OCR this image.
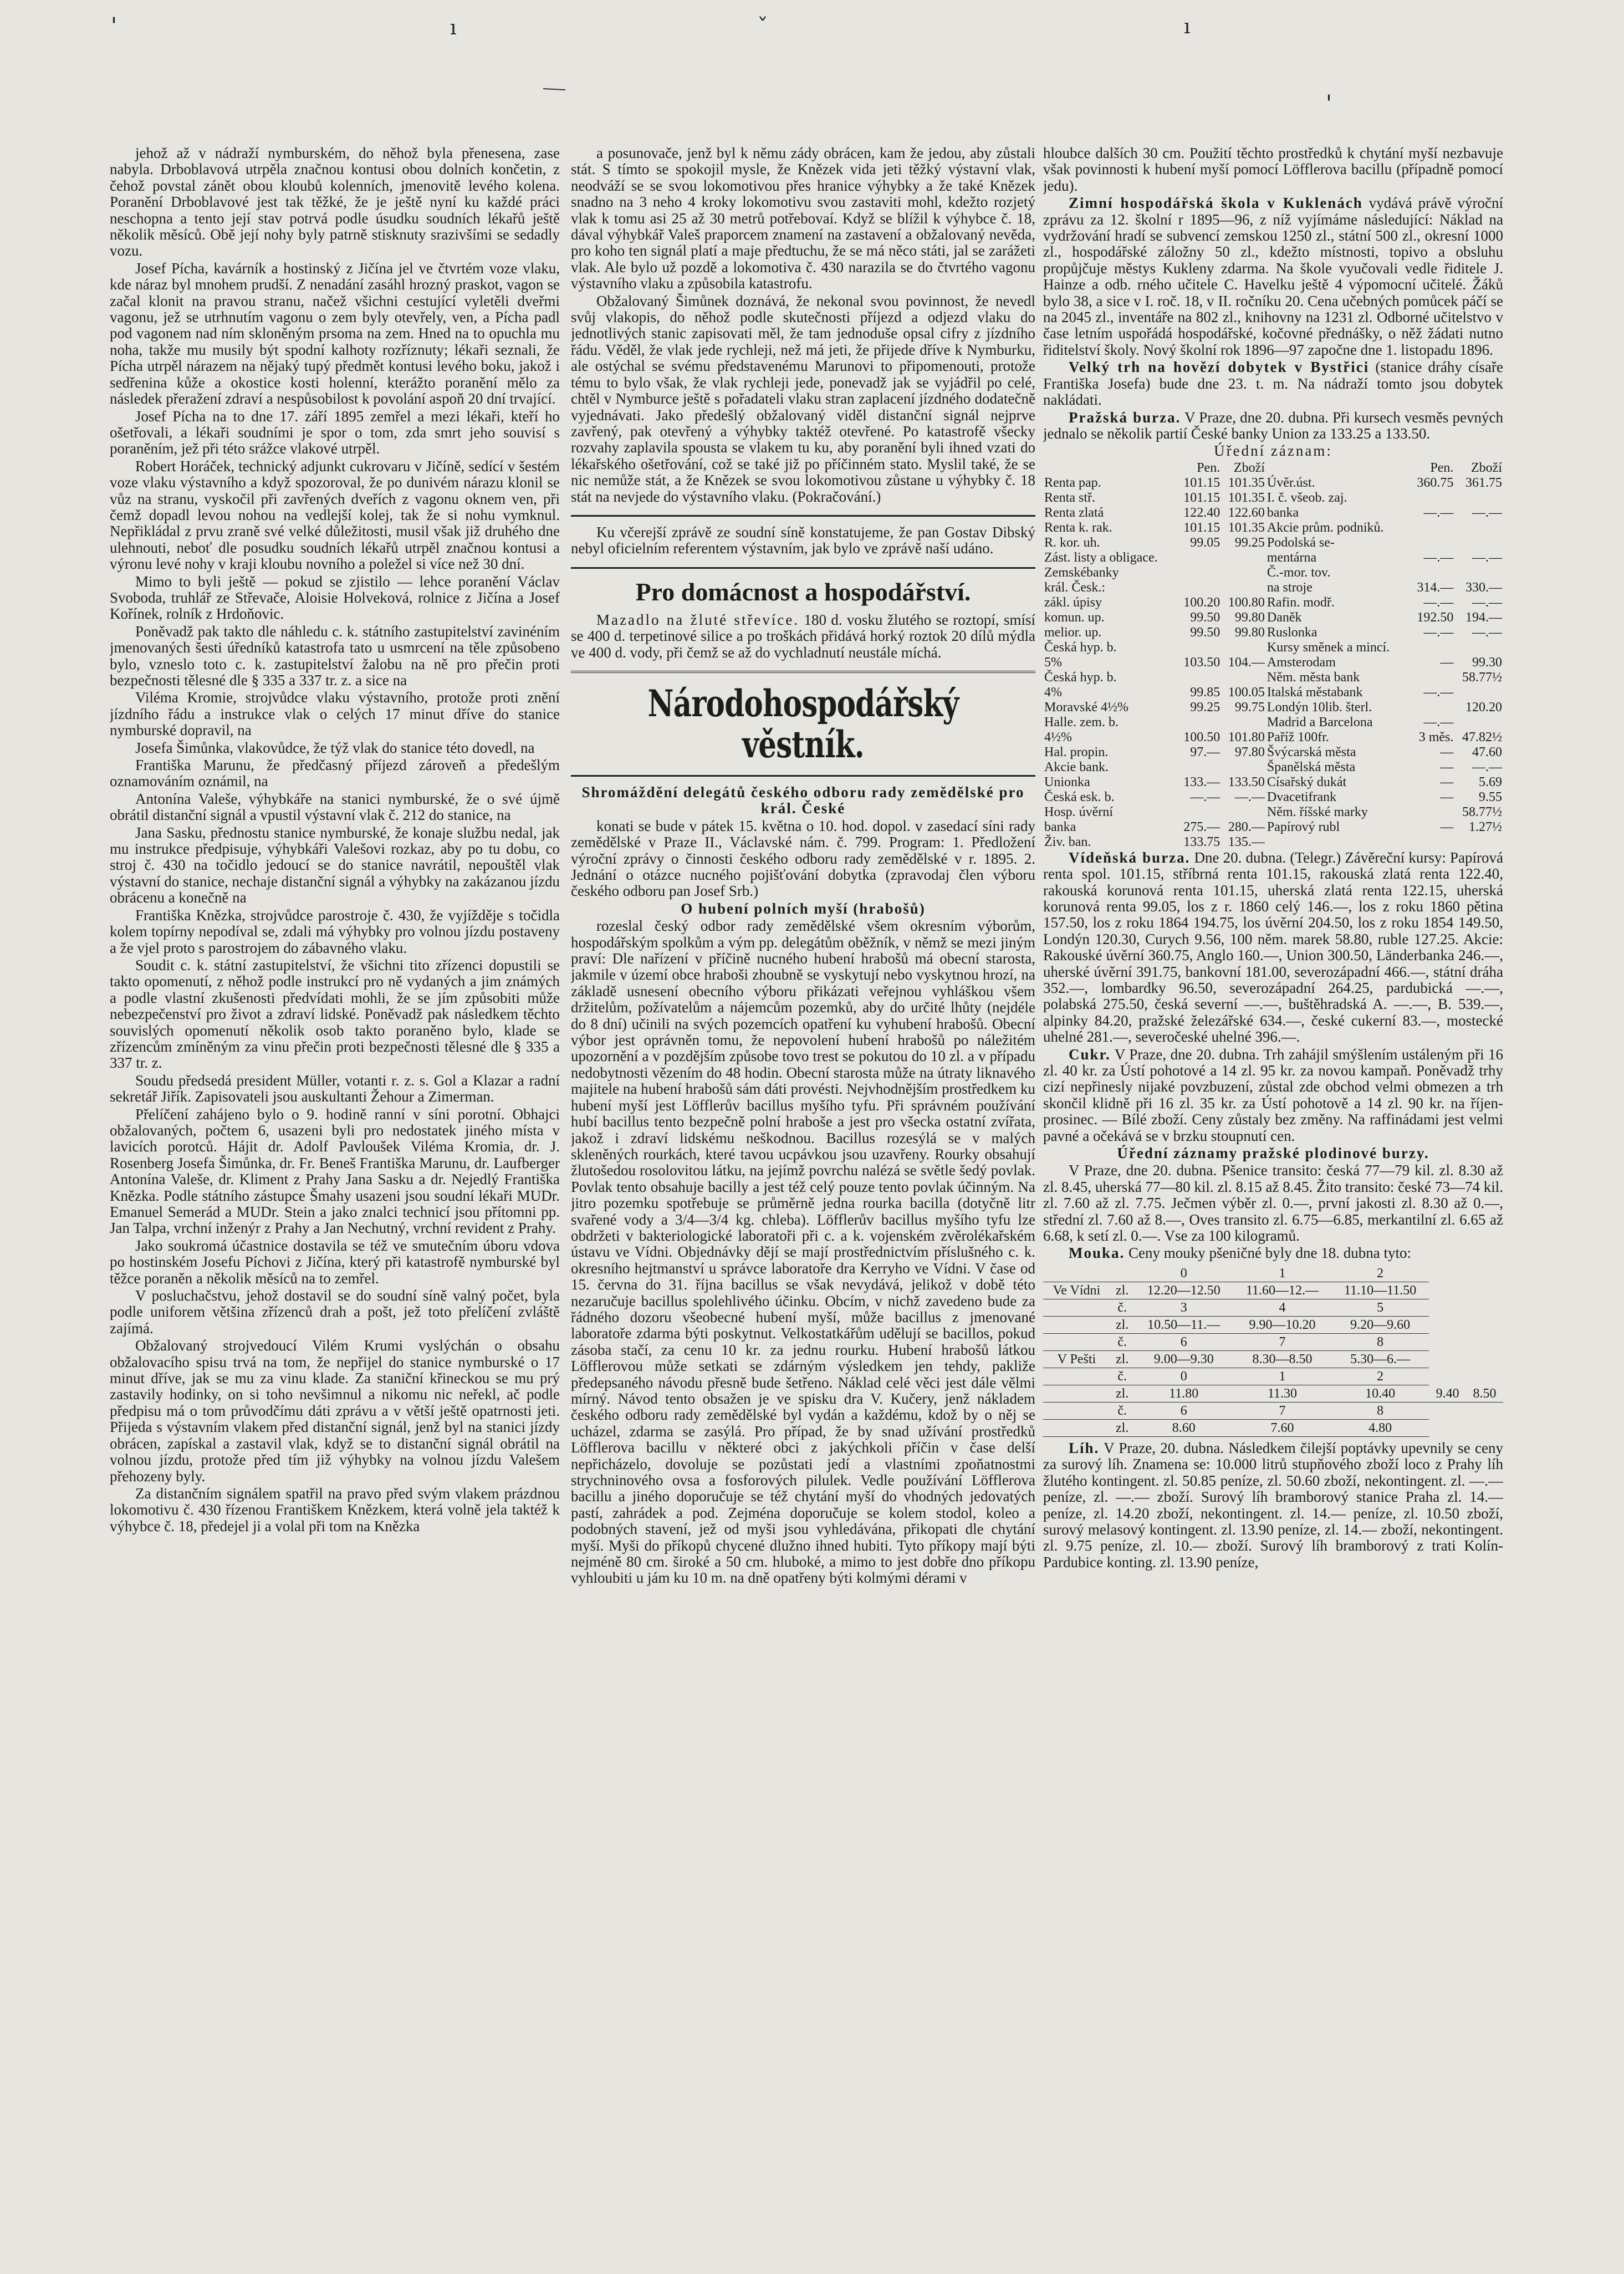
'	ı	ˇ	ı
'

jehož až v nádraží nymburském, do něhož byla přenesena, zase nabyla. Drboblavová utrpěla značnou kontusi obou dolních končetin, z čehož povstal zánět obou kloubů kolenních, jmenovitě levého kolena. Poranění Drboblavové jest tak těžké, že je ještě nyní ku každé práci neschopna a tento její stav potrvá podle úsudku soudních lékařů ještě několik měsíců. Obě její nohy byly patrně stisknuty srazivšími se sedadly vozu.

Josef Pícha, kavárník a hostinský z Jičína jel ve čtvrtém voze vlaku, kde náraz byl mnohem prudší. Z nenadání zasáhl hrozný praskot, vagon se začal klonit na pravou stranu, načež všichni cestující vyletěli dveřmi vagonu, jež se utrhnutím vagonu o zem byly otevřely, ven, a Pícha padl pod vagonem nad ním skloněným prsoma na zem. Hned na to opuchla mu noha, takže mu musily být spodní kalhoty rozříznuty; lékaři seznali, že Pícha utrpěl nárazem na nějaký tupý předmět kontusi levého boku, jakož i sedřenina kůže a okostice kosti holenní, kterážto poranění mělo za následek přeražení zdraví a nespůsobilost k povolání aspoň 20 dní trvající.

Josef Pícha na to dne 17. září 1895 zemřel a mezi lékaři, kteří ho ošetřovali, a lékaři soudními je spor o tom, zda smrt jeho souvisí s poraněním, jež při této srážce vlakové utrpěl.

Robert Horáček, technický adjunkt cukrovaru v Jičíně, sedící v šestém voze vlaku výstavního a když spozoroval, že po dunivém nárazu klonil se vůz na stranu, vyskočil při zavřených dveřích z vagonu oknem ven, při čemž dopadl levou nohou na vedlejší kolej, tak že si nohu vymknul. Nepřikládal z prvu zraně své velké důležitosti, musil však již druhého dne ulehnouti, neboť dle posudku soudních lékařů utrpěl značnou kontusi a výronu levé nohy v kraji kloubu novního a poležel si více než 30 dní.

Mimo to byli ještě — pokud se zjistilo — lehce poranění Václav Svoboda, truhlář ze Střevače, Aloisie Holveková, rolnice z Jičína a Josef Kořínek, rolník z Hrdoňovic.

Poněvadž pak takto dle náhledu c. k. státního zastupitelství zavinéním jmenovaných šesti úředníků katastrofa tato u usmrcení na těle způsobeno bylo, vzneslo toto c. k. zastupitelství žalobu na ně pro přečin proti bezpečnosti tělesné dle § 335 a 337 tr. z. a sice na

Viléma Kromie, strojvůdce vlaku výstavního, protože proti znění jízdního řádu a instrukce vlak o celých 17 minut dříve do stanice nymburské dopravil, na

Josefa Šimůnka, vlakovůdce, že týž vlak do stanice této dovedl, na

Františka Marunu, že předčasný příjezd zároveň a předešlým oznamováním oznámil, na

Antonína Valeše, výhybkáře na stanici nymburské, že o své újmě obrátil distanční signál a vpustil výstavní vlak č. 212 do stanice, na

Jana Sasku, přednostu stanice nymburské, že konaje službu nedal, jak mu instrukce předpisuje, výhybkáři Valešovi rozkaz, aby po tu dobu, co stroj č. 430 na točidlo jedoucí se do stanice navrátil, nepouštěl vlak výstavní do stanice, nechaje distanční signál a výhybky na zakázanou jízdu obrácenu a konečně na

Františka Knězka, strojvůdce parostroje č. 430, že vyjížděje s točidla kolem topírny nepodíval se, zdali má výhybky pro volnou jízdu postaveny a že vjel proto s parostrojem do zábavného vlaku.

Soudit c. k. státní zastupitelství, že všichni tito zřízenci dopustili se takto opomenutí, z něhož podle instrukcí pro ně vydaných a jim známých a podle vlastní zkušenosti předvídati mohli, že se jím způsobiti může nebezpečenství pro život a zdraví lidské. Poněvadž pak následkem těchto souvislých opomenutí několik osob takto poraněno bylo, klade se zřízencům zmíněným za vinu přečin proti bezpečnosti tělesné dle § 335 a 337 tr. z.

Soudu předsedá president Müller, votanti r. z. s. Gol a Klazar a radní sekretář Jiřík. Zapisovateli jsou auskultanti Žehour a Zimerman.

Přelíčení zahájeno bylo o 9. hodině ranní v síni porotní. Obhajci obžalovaných, počtem 6, usazeni byli pro nedostatek jiného místa v lavicích porotců. Hájit dr. Adolf Pavloušek Viléma Kromia, dr. J. Rosenberg Josefa Šimůnka, dr. Fr. Beneš Františka Marunu, dr. Laufberger Antonína Valeše, dr. Kliment z Prahy Jana Sasku a dr. Nejedlý Františka Knězka. Podle státního zástupce Šmahy usazeni jsou soudní lékaři MUDr. Emanuel Semerád a MUDr. Stein a jako znalci technicí jsou přítomni pp. Jan Talpa, vrchní inženýr z Prahy a Jan Nechutný, vrchní revident z Prahy.

Jako soukromá účastnice dostavila se též ve smutečním úboru vdova po hostinském Josefu Píchovi z Jičína, který při katastrofě nymburské byl těžce poraněn a několik měsíců na to zemřel.

V posluchačstvu, jehož dostavil se do soudní síně valný počet, byla podle uniforem většina zřízenců drah a pošt, jež toto přelíčení zvláště zajímá.

Obžalovaný strojvedoucí Vilém Krumi vyslýchán o obsahu obžalovacího spisu trvá na tom, že nepřijel do stanice nymburské o 17 minut dříve, jak se mu za vinu klade. Za staniční křineckou se mu prý zastavily hodinky, on si toho nevšimnul a nikomu nic neřekl, ač podle předpisu má o tom průvodčímu dáti zprávu a v větší ještě opatrnosti jeti. Přijeda s výstavním vlakem před distanční signál, jenž byl na stanici jízdy obrácen, zapískal a zastavil vlak, když se to distanční signál obrátil na volnou jízdu, protože před tím již výhybky na volnou jízdu Valešem přehozeny byly.

Za distančním signálem spatřil na pravo před svým vlakem prázdnou lokomotivu č. 430 řízenou Františkem Knězkem, která volně jela taktéž k výhybce č. 18, předejel ji a volal při tom na Knězka

a posunovače, jenž byl k němu zády obrácen, kam že jedou, aby zůstali stát. S tímto se spokojil mysle, že Knězek vida jeti těžký výstavní vlak, neodváží se se svou lokomotivou přes hranice výhybky a že také Knězek snadno na 3 neho 4 kroky lokomotivu svou zastaviti mohl, kdežto rozjetý vlak k tomu asi 25 až 30 metrů potřebovaí. Když se blížil k výhybce č. 18, dával výhybkář Valeš praporcem znamení na zastavení a obžalovaný nevěda, pro koho ten signál platí a maje předtuchu, že se má něco státi, jal se zarážeti vlak. Ale bylo už pozdě a lokomotiva č. 430 narazila se do čtvrtého vagonu výstavního vlaku a způsobila katastrofu.

Obžalovaný Šimůnek doznává, že nekonal svou povinnost, že nevedl svůj vlakopis, do něhož podle skutečnosti příjezd a odjezd vlaku do jednotlivých stanic zapisovati měl, že tam jednoduše opsal cifry z jízdního řádu. Věděl, že vlak jede rychleji, než má jeti, že přijede dříve k Nymburku, ale ostýchal se svému představenému Marunovi to připomenouti, protože tému to bylo však, že vlak rychleji jede, ponevadž jak se vyjádřil po celé, chtěl v Nymburce ještě s pořadateli vlaku stran zaplacení jízdného dodatečně vyjednávati. Jako předešlý obžalovaný viděl distanční signál nejprve zavřený, pak otevřený a výhybky taktéž otevřené. Po katastrofě všecky rozvahy zaplavila spousta se vlakem tu ku, aby poranění byli ihned vzati do lékařského ošetřování, což se také již po příčinném stato. Myslil také, že se nic nemůže stát, a že Knězek se svou lokomotivou zůstane u výhybky č. 18 stát na nevjede do výstavního vlaku. (Pokračování.)

Ku včerejší zprávě ze soudní síně konstatujeme, že pan Gostav Dibský nebyl oficielním referentem výstavním, jak bylo ve zprávě naší udáno.

Pro domácnost a hospodářství.

Mazadlo na žluté střevíce. 180 d. vosku žlutého se roztopí, smísí se 400 d. terpetinové silice a po troškách přidává horký roztok 20 dílů mýdla ve 400 d. vody, při čemž se až do vychladnutí neustále míchá.

Národohospodářský věstník.

Shromáždění delegátů českého odboru rady zemědělské pro král. České

konati se bude v pátek 15. května o 10. hod. dopol. v zasedací síni rady zemědělské v Praze II., Václavské nám. č. 799. Program: 1. Předložení výroční zprávy o činnosti českého odboru rady zemědělské v r. 1895. 2. Jednání o otázce nucného pojišťování dobytka (zpravodaj člen výboru českého odboru pan Josef Srb.)

O hubení polních myší (hrabošů)

rozeslal český odbor rady zemědělské všem okresním výborům, hospodářským spolkům a vým pp. delegátům oběžník, v němž se mezi jiným praví: Dle nařízení v příčině nucného hubení hrabošů má obecní starosta, jakmile v území obce hraboši zhoubně se vyskytují nebo vyskytnou hrozí, na základě usnesení obecního výboru přikázati veřejnou vyhláškou všem držitelům, požívatelům a nájemcům pozemků, aby do určité lhůty (nejdéle do 8 dní) učinili na svých pozemcích opatření ku vyhubení hrabošů. Obecní výbor jest oprávněn tomu, že nepovolení hubení hrabošů po náležitém upozornění a v pozdějším způsobe tovo trest se pokutou do 10 zl. a v případu nedobytnosti vězením do 48 hodin. Obecní starosta může na útraty liknavého majitele na hubení hrabošů sám dáti provésti. Nejvhodnějším prostředkem ku hubení myší jest Löfflerův bacillus myšího tyfu. Při správném používání hubí bacillus tento bezpečně polní hraboše a jest pro všecka ostatní zvířata, jakož i zdraví lidskému neškodnou. Bacillus rozesýlá se v malých skleněných rourkách, které tavou ucpávkou jsou uzavřeny. Rourky obsahují žlutošedou rosolovitou látku, na jejímž povrchu nalézá se světle šedý povlak. Povlak tento obsahuje bacilly a jest též celý pouze tento povlak účinným. Na jitro pozemku spotřebuje se průměrně jedna rourka bacilla (dotyčně litr svařené vody a 3/4—3/4 kg. chleba). Löfflerův bacillus myšího tyfu lze obdržeti v bakteriologické laboratoři při c. a k. vojenském zvěrolékařském ústavu ve Vídni. Objednávky dějí se mají prostřednictvím příslušného c. k. okresního hejtmanství u správce laboratoře dra Kerryho ve Vídni. V čase od 15. června do 31. října bacillus se však nevydává, jelikož v době této nezaručuje bacillus spolehlivého účinku. Obcím, v nichž zavedeno bude za řádného dozoru všeobecné hubení myší, může bacillus z jmenované laboratoře zdarma býti poskytnut. Velkostatkářům udělují se bacillos, pokud zásoba stačí, za cenu 10 kr. za jednu rourku. Hubení hrabošů látkou Löfflerovou může setkati se zdárným výsledkem jen tehdy, pakliže předepsaného návodu přesně bude šetřeno. Náklad celé věci jest dále vělmi mírný. Návod tento obsažen je ve spisku dra V. Kučery, jenž nákladem českého odboru rady zemědělské byl vydán a každému, kdož by o něj se ucházel, zdarma se zasýlá. Pro případ, že by snad užívání prostředků Löfflerova bacillu v některé obci z jakýchkoli příčin v čase delší nepřicházelo, dovoluje se pozůstati jedí a vlastními zpoňatnostmi strychninového ovsa a fosforových pilulek. Vedle používání Löfflerova bacillu a jiného doporučuje se též chytání myší do vhodných jedovatých pastí, zahrádek a pod. Zejména doporučuje se kolem stodol, koleo a podobných stavení, jež od myši jsou vyhledávána, přikopati dle chytání myší. Myši do příkopů chycené dlužno ihned hubiti. Tyto příkopy mají býti nejméně 80 cm. široké a 50 cm. hluboké, a mimo to jest dobře dno příkopu vyhloubiti u jám ku 10 m. na dně opatřeny býti kolmými dérami v

hloubce dalších 30 cm. Použití těchto prostředků k chytání myší nezbavuje však povinnosti k hubení myší pomocí Löfflerova bacillu (případně pomocí jedu).

Zimní hospodářská škola v Kuklenách vydává právě výroční zprávu za 12. školní r 1895—96, z níž vyjímáme následující: Náklad na vydržování hradí se subvencí zemskou 1250 zl., státní 500 zl., okresní 1000 zl., hospodářské záložny 50 zl., kdežto místnosti, topivo a obsluhu propůjčuje městys Kukleny zdarma. Na škole vyučovali vedle řiditele J. Hainze a odb. rného učitele C. Havelku ještě 4 výpomocní učitelé. Žáků bylo 38, a sice v I. roč. 18, v II. ročníku 20. Cena učebných pomůcek páčí se na 2045 zl., inventáře na 802 zl., knihovny na 1231 zl. Odborné učitelstvo v čase letním uspořádá hospodářské, kočovné přednášky, o něž žádati nutno řiditelství školy. Nový školní rok 1896—97 započne dne 1. listopadu 1896.

Velký trh na hovězí dobytek v Bystřici (stanice dráhy císaře Františka Josefa) bude dne 23. t. m. Na nádraží tomto jsou dobytek nakládati.

Pražská burza. V Praze, dne 20. dubna. Při kursech vesměs pevných jednalo se několik partií České banky Union za 133.25 a 133.50.

Úřední záznam:

	Pen.	Zboží		Pen.	Zboží
Renta pap.	101.15	101.35	Úvěr.úst.	360.75	361.75
Renta stř.	101.15	101.35	I. č. všeob. zaj.		
Renta zlatá	122.40	122.60	banka	—.—	—.—
Renta k. rak.	101.15	101.35	Akcie prům. podniků.		
R. kor. uh.	99.05	99.25	Podolská se-		
Zást. listy a obligace.			mentárna	—.—	—.—
Zemskébanky			Č.-mor. tov.		
král. Česk.:			na stroje	314.—	330.—
zákl. úpisy	100.20	100.80	Rafin. modř.	—.—	—.—
komun. up.	99.50	99.80	Daněk	192.50	194.—
melior. up.	99.50	99.80	Ruslonka	—.—	—.—
Česká hyp. b.			Kursy směnek a mincí.		
5%	103.50	104.—	Amsterodam	—	99.30
Česká hyp. b.			Něm. města bank		58.77½
4%	99.85	100.05	Italská městabank	—.—	
Moravské 4½%	99.25	99.75	Londýn 10lib. šterl.		120.20
Halle. zem. b.			Madrid a Barcelona	—.—	
4½%	100.50	101.80	Paříž 100fr.	3 měs.	47.82½
Hal. propin.	97.—	97.80	Švýcarská města	—	47.60
Akcie bank.			Španělská města	—	—.—
Unionka	133.—	133.50	Císařský dukát	—	5.69
Česká esk. b.	—.—	—.—	Dvacetifrank	—	9.55
Hosp. úvěrní			Něm. říšské marky		58.77½
banka	275.—	280.—	Papírový rubl	—	1.27½
Živ. ban.	133.75	135.—			

Vídeňská burza. Dne 20. dubna. (Telegr.) Závěreční kursy: Papírová renta spol. 101.15, stříbrná renta 101.15, rakouská zlatá renta 122.40, rakouská korunová renta 101.15, uherská zlatá renta 122.15, uherská korunová renta 99.05, los z r. 1860 celý 146.—, los z roku 1860 pětina 157.50, los z roku 1864 194.75, los úvěrní 204.50, los z roku 1854 149.50, Londýn 120.30, Curych 9.56, 100 něm. marek 58.80, ruble 127.25. Akcie: Rakouské úvěrní 360.75, Anglo 160.—, Union 300.50, Länderbanka 246.—, uherské úvěrní 391.75, bankovní 181.00, severozápadní 466.—, státní dráha 352.—, lombardky 96.50, severozápadní 264.25, pardubická —.—, polabská 275.50, česká severní —.—, buštěhradská A. —.—, B. 539.—, alpinky 84.20, pražské železářské 634.—, české cukerní 83.—, mostecké uhelné 281.—, severočeské uhelné 396.—.

Cukr. V Praze, dne 20. dubna. Trh zahájil smýšlením ustáleným při 16 zl. 40 kr. za Ústí pohotové a 14 zl. 95 kr. za novou kampaň. Poněvadž trhy cizí nepřinesly nijaké povzbuzení, zůstal zde obchod velmi obmezen a trh skončil klidně při 16 zl. 35 kr. za Ústí pohotově a 14 zl. 90 kr. na říjen-prosinec. — Bílé zboží. Ceny zůstaly bez změny. Na raffinádami jest velmi pavné a očekává se v brzku stoupnutí cen.

Úřední záznamy pražské plodinové burzy.

V Praze, dne 20. dubna. Pšenice transito: česká 77—79 kil. zl. 8.30 až zl. 8.45, uherská 77—80 kil. zl. 8.15 až 8.45. Žito transito: české 73—74 kil. zl. 7.60 až zl. 7.75. Ječmen výběr zl. 0.—, první jakosti zl. 8.30 až 0.—, střední zl. 7.60 až 8.—, Oves transito zl. 6.75—6.85, merkantilní zl. 6.65 až 6.68, k setí zl. 0.—. Vse za 100 kilogramů.

Mouka. Ceny mouky pšeničné byly dne 18. dubna tyto:

		0	1	2		
Ve Vídni	zl.	12.20—12.50	11.60—12.—	11.10—11.50		
	č.	3	4	5		
	zl.	10.50—11.—	9.90—10.20	9.20—9.60		
	č.	6	7	8		
V Pešti	zl.	9.00—9.30	8.30—8.50	5.30—6.—		
	č.	0	1	2		
	zl.	11.80	11.30	10.40	9.40	8.50
	č.	6	7	8		
	zl.	8.60	7.60	4.80		

Líh. V Praze, 20. dubna. Následkem čilejší poptávky upevnily se ceny za surový líh. Znamena se: 10.000 litrů stupňového zboží loco z Prahy líh žlutého kontingent. zl. 50.85 peníze, zl. 50.60 zboží, nekontingent. zl. —.— peníze, zl. —.— zboží. Surový líh bramborový stanice Praha zl. 14.— peníze, zl. 14.20 zboží, nekontingent. zl. 14.— peníze, zl. 10.50 zboží, surový melasový kontingent. zl. 13.90 peníze, zl. 14.— zboží, nekontingent. zl. 9.75 peníze, zl. 10.— zboží. Surový líh bramborový z trati Kolín-Pardubice konting. zl. 13.90 peníze,
